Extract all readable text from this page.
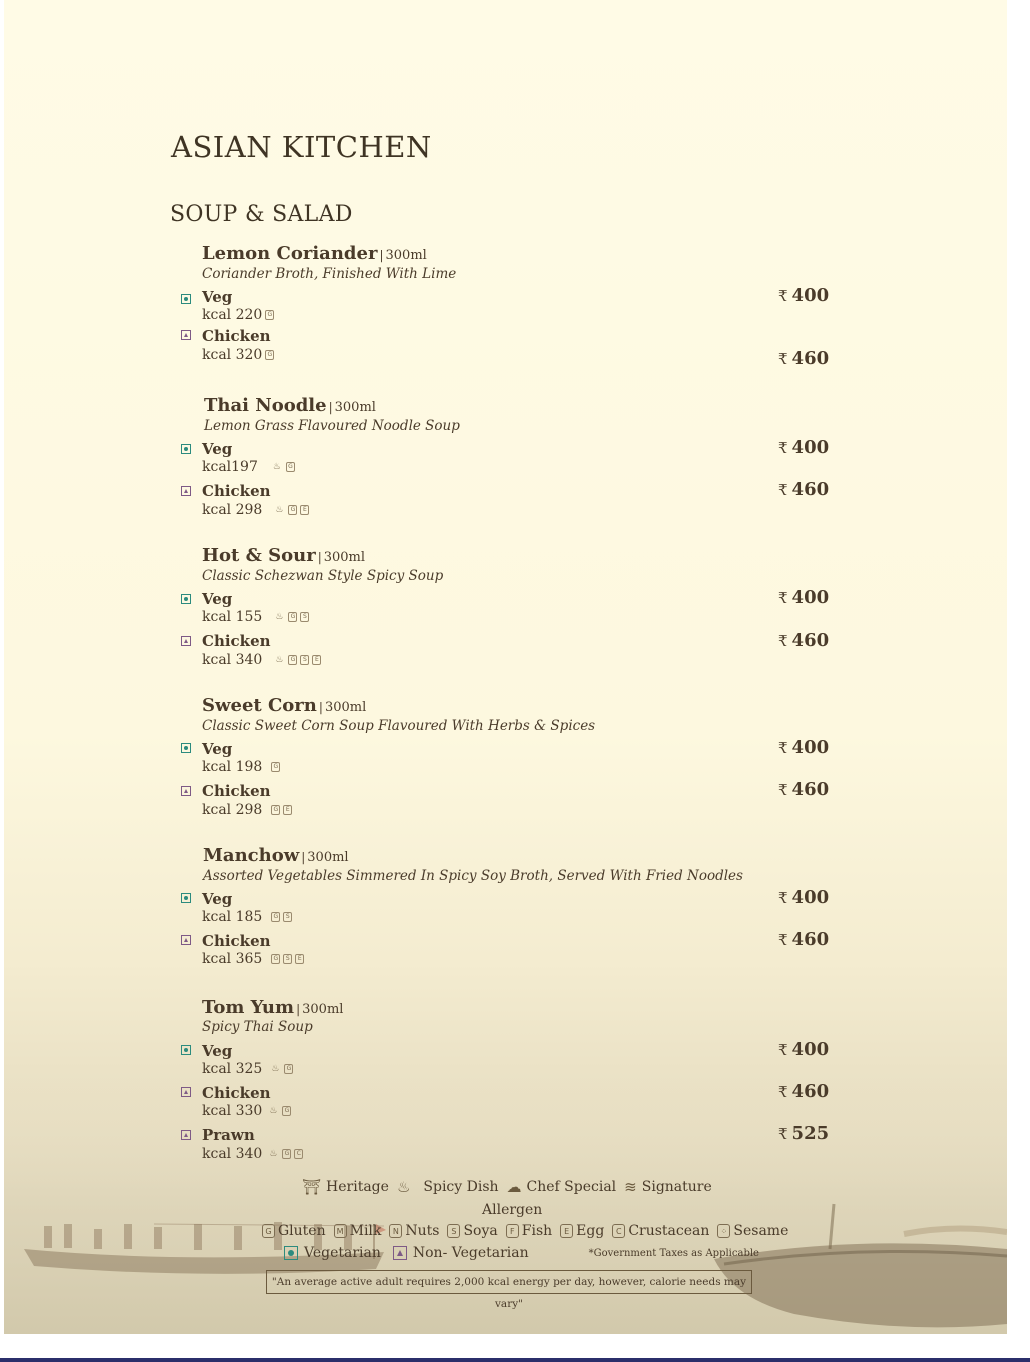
ASIAN KITCHEN
SOUP & SALAD
Lemon Coriander | 300ml
Coriander Broth, Finished With Lime
Veg
kcal 220 G
₹ 400
Chicken
kcal 320 G	₹ 460
Thai Noodle | 300ml
Lemon Grass Flavoured Noodle Soup
Veg
kcal197 ♨	G
₹ 400
Chicken
kcal 298 ♨	G	E
₹ 460
Hot & Sour | 300ml
Classic Schezwan Style Spicy Soup
Veg
kcal 155 ♨	G	S
₹ 400
Chicken
kcal 340 ♨	G	S	E
₹ 460
Sweet Corn | 300ml
Classic Sweet Corn Soup Flavoured With Herbs & Spices
Veg
kcal 198	G
₹ 400
Chicken
kcal 298	G	E
₹ 460
Manchow | 300ml
Assorted Vegetables Simmered In Spicy Soy Broth, Served With Fried Noodles
Veg
kcal 185	G	S
₹ 400
Chicken
kcal 365	G	S	E
₹ 460
Tom Yum | 300ml
Spicy Thai Soup
Veg
kcal 325 ♨	G
₹ 400
Chicken
kcal 330 ♨	G
₹ 460
Prawn
kcal 340 ♨	G	C
₹ 525
⛩ Heritage ♨ Spicy Dish ☁ Chef Special ≋ Signature
Allergen
G Gluten	M Milk	N Nuts	S Soya	F Fish	E Egg	C Crustacean	⁘ Sesame
Vegetarian Non- Vegetarian	*Government Taxes as Applicable
"An average active adult requires 2,000 kcal energy per day, however, calorie needs may vary"
